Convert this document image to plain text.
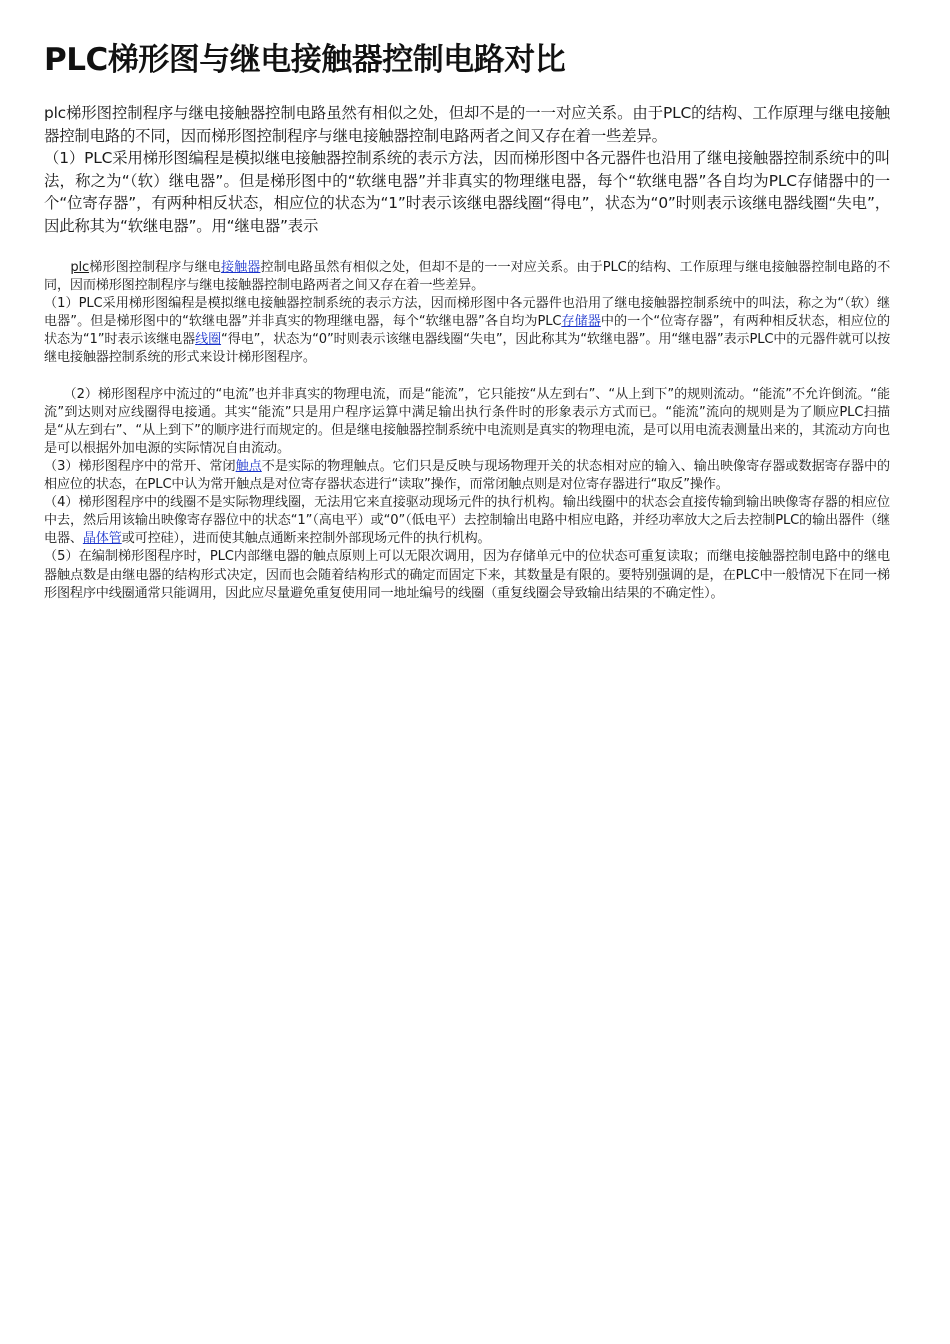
PLC梯形图与继电接触器控制电路对比

plc梯形图控制程序与继电接触器控制电路虽然有相似之处，但却不是的一一对应关系。由于PLC的结构、工作原理与继电接触器控制电路的不同，因而梯形图控制程序与继电接触器控制电路两者之间又存在着一些差异。

（1）PLC采用梯形图编程是模拟继电接触器控制系统的表示方法，因而梯形图中各元器件也沿用了继电接触器控制系统中的叫法，称之为“（软）继电器”。但是梯形图中的“软继电器”并非真实的物理继电器，每个“软继电器”各自均为PLC存储器中的一个“位寄存器”，有两种相反状态，相应位的状态为“1”时表示该继电器线圈“得电”，状态为“0”时则表示该继电器线圈“失电”，因此称其为“软继电器”。用“继电器”表示

　　plc梯形图控制程序与继电接触器控制电路虽然有相似之处，但却不是的一一对应关系。由于PLC的结构、工作原理与继电接触器控制电路的不同，因而梯形图控制程序与继电接触器控制电路两者之间又存在着一些差异。

（1）PLC采用梯形图编程是模拟继电接触器控制系统的表示方法，因而梯形图中各元器件也沿用了继电接触器控制系统中的叫法，称之为“（软）继电器”。但是梯形图中的“软继电器”并非真实的物理继电器，每个“软继电器”各自均为PLC存储器中的一个“位寄存器”，有两种相反状态，相应位的状态为“1”时表示该继电器线圈“得电”，状态为“0”时则表示该继电器线圈“失电”，因此称其为“软继电器”。用“继电器”表示PLC中的元器件就可以按继电接触器控制系统的形式来设计梯形图程序。

　　（2）梯形图程序中流过的“电流”也并非真实的物理电流，而是“能流”，它只能按“从左到右”、“从上到下”的规则流动。“能流”不允许倒流。“能流”到达则对应线圈得电接通。其实“能流”只是用户程序运算中满足输出执行条件时的形象表示方式而已。“能流”流向的规则是为了顺应PLC扫描是“从左到右”、“从上到下”的顺序进行而规定的。但是继电接触器控制系统中电流则是真实的物理电流，是可以用电流表测量出来的，其流动方向也是可以根据外加电源的实际情况自由流动。

（3）梯形图程序中的常开、常闭触点不是实际的物理触点。它们只是反映与现场物理开关的状态相对应的输入、输出映像寄存器或数据寄存器中的相应位的状态，在PLC中认为常开触点是对位寄存器状态进行“读取”操作，而常闭触点则是对位寄存器进行“取反”操作。

（4）梯形图程序中的线圈不是实际物理线圈，无法用它来直接驱动现场元件的执行机构。输出线圈中的状态会直接传输到输出映像寄存器的相应位中去，然后用该输出映像寄存器位中的状态“1”（高电平）或“0”（低电平）去控制输出电路中相应电路，并经功率放大之后去控制PLC的输出器件（继电器、晶体管或可控硅），进而使其触点通断来控制外部现场元件的执行机构。

（5）在编制梯形图程序时，PLC内部继电器的触点原则上可以无限次调用，因为存储单元中的位状态可重复读取；而继电接触器控制电路中的继电器触点数是由继电器的结构形式决定，因而也会随着结构形式的确定而固定下来，其数量是有限的。要特别强调的是，在PLC中一般情况下在同一梯形图程序中线圈通常只能调用，因此应尽量避免重复使用同一地址编号的线圈（重复线圈会导致输出结果的不确定性）。
